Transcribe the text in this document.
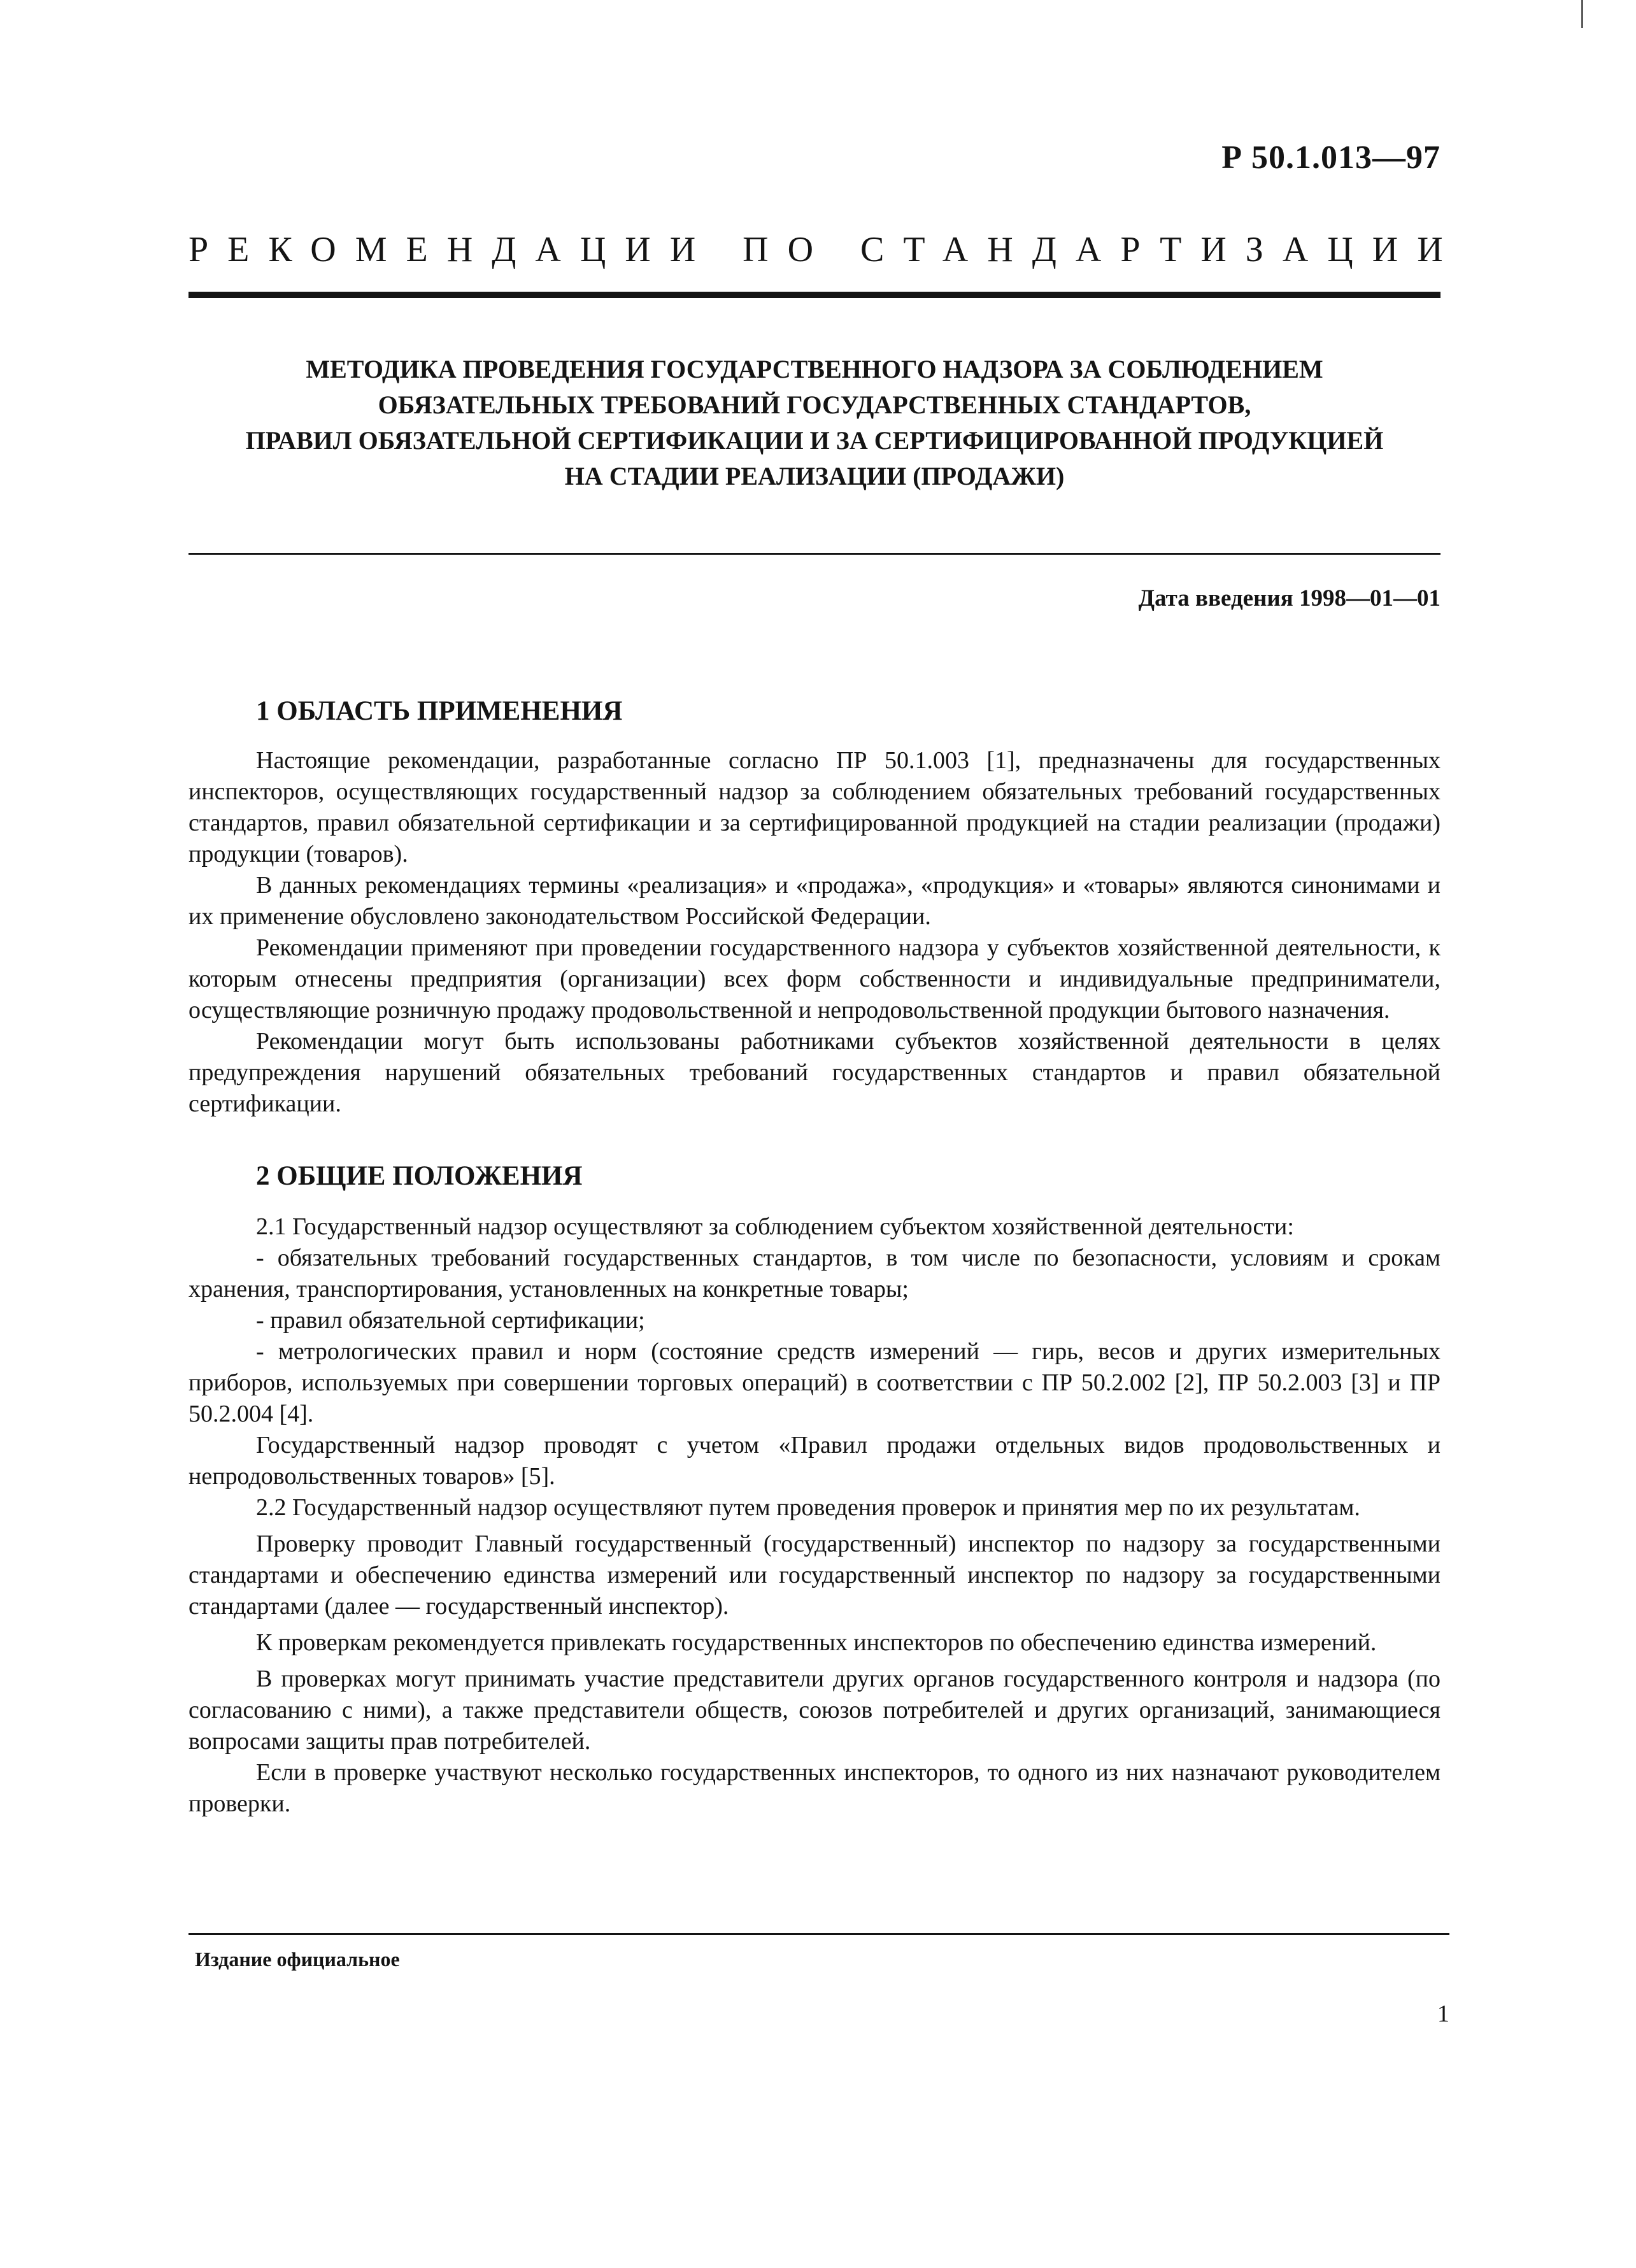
Р 50.1.013—97
РЕКОМЕНДАЦИИ ПО СТАНДАРТИЗАЦИИ
МЕТОДИКА ПРОВЕДЕНИЯ ГОСУДАРСТВЕННОГО НАДЗОРА ЗА СОБЛЮДЕНИЕМ
ОБЯЗАТЕЛЬНЫХ ТРЕБОВАНИЙ ГОСУДАРСТВЕННЫХ СТАНДАРТОВ,
ПРАВИЛ ОБЯЗАТЕЛЬНОЙ СЕРТИФИКАЦИИ И ЗА СЕРТИФИЦИРОВАННОЙ ПРОДУКЦИЕЙ
НА СТАДИИ РЕАЛИЗАЦИИ (ПРОДАЖИ)
Дата введения 1998—01—01
1 ОБЛАСТЬ ПРИМЕНЕНИЯ

Настоящие рекомендации, разработанные согласно ПР 50.1.003 [1], предназначены для государственных инспекторов, осуществляющих государственный надзор за соблюдением обязательных требований государственных стандартов, правил обязательной сертификации и за сертифицированной продукцией на стадии реализации (продажи) продукции (товаров).

В данных рекомендациях термины «реализация» и «продажа», «продукция» и «товары» являются синонимами и их применение обусловлено законодательством Российской Федерации.

Рекомендации применяют при проведении государственного надзора у субъектов хозяйственной деятельности, к которым отнесены предприятия (организации) всех форм собственности и индивидуальные предприниматели, осуществляющие розничную продажу продовольственной и непродовольственной продукции бытового назначения.

Рекомендации могут быть использованы работниками субъектов хозяйственной деятельности в целях предупреждения нарушений обязательных требований государственных стандартов и правил обязательной сертификации.

2 ОБЩИЕ ПОЛОЖЕНИЯ

2.1 Государственный надзор осуществляют за соблюдением субъектом хозяйственной деятельности:

- обязательных требований государственных стандартов, в том числе по безопасности, условиям и срокам хранения, транспортирования, установленных на конкретные товары;

- правил обязательной сертификации;

- метрологических правил и норм (состояние средств измерений — гирь, весов и других измерительных приборов, используемых при совершении торговых операций) в соответствии с ПР 50.2.002 [2], ПР 50.2.003 [3] и ПР 50.2.004 [4].

Государственный надзор проводят с учетом «Правил продажи отдельных видов продовольственных и непродовольственных товаров» [5].

2.2 Государственный надзор осуществляют путем проведения проверок и принятия мер по их результатам.

Проверку проводит Главный государственный (государственный) инспектор по надзору за государственными стандартами и обеспечению единства измерений или государственный инспектор по надзору за государственными стандартами (далее — государственный инспектор).

К проверкам рекомендуется привлекать государственных инспекторов по обеспечению единства измерений.

В проверках могут принимать участие представители других органов государственного контроля и надзора (по согласованию с ними), а также представители обществ, союзов потребителей и других организаций, занимающиеся вопросами защиты прав потребителей.

Если в проверке участвуют несколько государственных инспекторов, то одного из них назначают руководителем проверки.

Издание официальное
1
